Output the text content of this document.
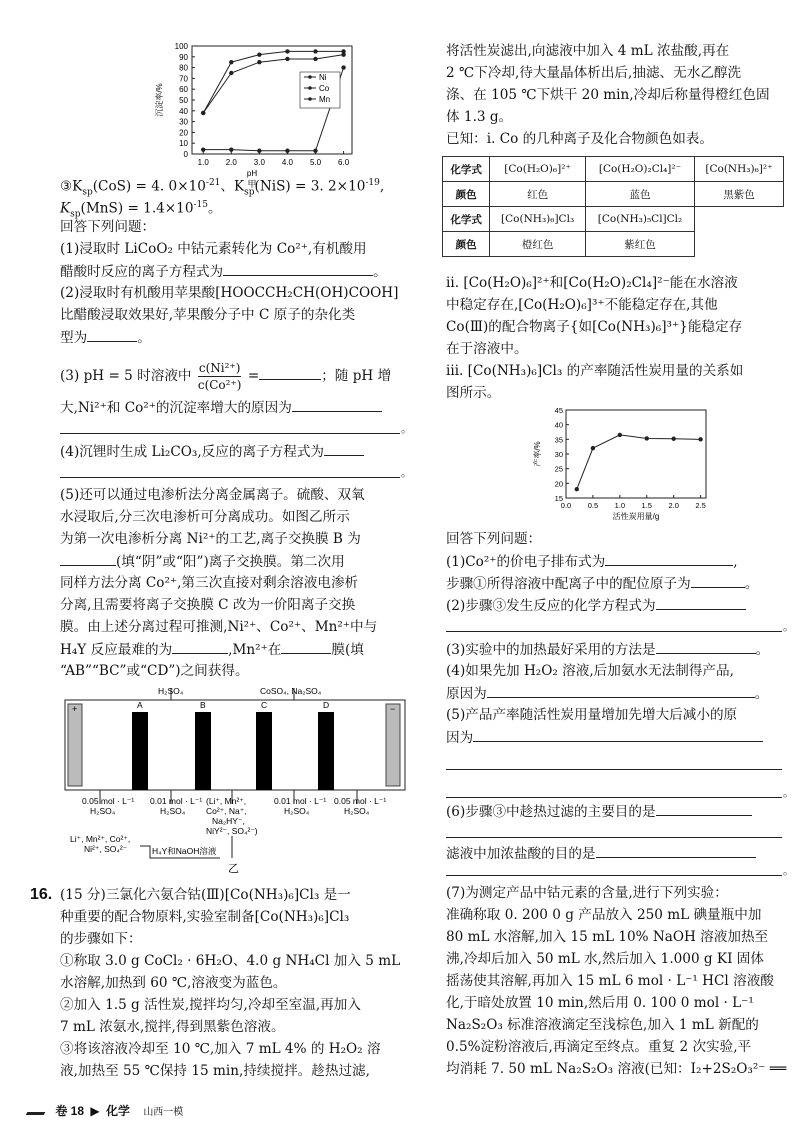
0
10
20
30
40
50
60
70
80
90
100
1.0 2.0 3.0 4.0 5.0 6.0
沉淀率/%
pH
甲
Ni
Co
Mn
$③K_{sp}(CoS) = 4$. $0\times 10^{-21}$、$K_{sp}(NiS) = 3$. $2\times 10^{-19}$,
$K_{sp}(MnS) = 1.4\times 10^{-15}$。
回答下列问题：
(1)浸取时 LiCoO₂ 中钴元素转化为 Co²⁺,有机酸用
醋酸时反应的离子方程式为	。
(2)浸取时有机酸用苹果酸[HOOCCH₂CH(OH)COOH]
比醋酸浸取效果好,苹果酸分子中 C 原子的杂化类
型为	。
(3) pH = 5 时溶液中 $\frac{\text{c(Ni²⁺)}}{\text{c(Co²⁺)}}$ =	；随 pH 增
大,Ni²⁺和 Co²⁺的沉淀率增大的原因为
。
(4)沉锂时生成 Li₂CO₃,反应的离子方程式为
。
(5)还可以通过电渗析法分离金属离子。硫酸、双氧
水浸取后,分三次电渗析可分离成功。如图乙所示
为第一次电渗析分离 Ni²⁺的工艺,离子交换膜 B 为
(填“阴”或“阳”)离子交换膜。第二次用
同样方法分离 Co²⁺,第三次直接对剩余溶液电渗析
分离,且需要将离子交换膜 C 改为一价阳离子交换
膜。由上述分离过程可推测,Ni²⁺、Co²⁺、Mn²⁺中与
H₄Y 反应最难的为	,Mn²⁺在	膜(填
“AB”“BC”或“CD”)之间获得。
+	−
A	B	C	D
H₂SO₄	CoSO₄, Na₂SO₄
0.05 mol · L⁻¹
H₂SO₄
0.01 mol · L⁻¹
H₂SO₄
(Li⁺, Mn²⁺,
Co²⁺, Na⁺,
Na₂HY⁻,
NiY²⁻, SO₄²⁻)
0.01 mol · L⁻¹
H₂SO₄
0.05 mol · L⁻¹
H₂SO₄
Li⁺, Mn²⁺, Co²⁺,
Ni²⁺, SO₄²⁻	H₄Y和NaOH溶液
乙
16. (15 分)三氯化六氨合钴(Ⅲ)[Co(NH₃)₆]Cl₃ 是一
种重要的配合物原料,实验室制备[Co(NH₃)₆]Cl₃
的步骤如下：
①称取 3.0 g CoCl₂ · 6H₂O、4.0 g NH₄Cl 加入 5 mL
水溶解,加热到 60 ℃,溶液变为蓝色。
②加入 1.5 g 活性炭,搅拌均匀,冷却至室温,再加入
7 mL 浓氨水,搅拌,得到黑紫色溶液。
③将该溶液冷却至 10 ℃,加入 7 mL 4% 的 H₂O₂ 溶
液,加热至 55 ℃保持 15 min,持续搅拌。趁热过滤,
将活性炭滤出,向滤液中加入 4 mL 浓盐酸,再在
2 ℃下冷却,待大量晶体析出后,抽滤、无水乙醇洗
涤、在 105 ℃下烘干 20 min,冷却后称量得橙红色固
体 1.3 g。
已知：ⅰ. Co 的几种离子及化合物颜色如表。
化学式	[Co(H₂O)₆]²⁺	[Co(H₂O)₂Cl₄]²⁻	[Co(NH₃)₆]²⁺
颜色	红色	蓝色	黑紫色
化学式	[Co(NH₃)₆]Cl₃	[Co(NH₃)₅Cl]Cl₂	
颜色	橙红色	紫红色	
ⅱ. [Co(H₂O)₆]²⁺和[Co(H₂O)₂Cl₄]²⁻能在水溶液
中稳定存在,[Co(H₂O)₆]³⁺不能稳定存在,其他
Co(Ⅲ)的配合物离子{如[Co(NH₃)₆]³⁺}能稳定存
在于溶液中。
ⅲ. [Co(NH₃)₆]Cl₃ 的产率随活性炭用量的关系如
图所示。
15
20
25
30
35
40
45
0.0 0.5 1.0 1.5 2.0 2.5
产率/%
活性炭用量/g
回答下列问题：
(1)Co²⁺的价电子排布式为	,
步骤①所得溶液中配离子中的配位原子为	。
(2)步骤③发生反应的化学方程式为
。
(3)实验中的加热最好采用的方法是	。
(4)如果先加 H₂O₂ 溶液,后加氨水无法制得产品,
原因为	。
(5)产品产率随活性炭用量增加先增大后减小的原
因为
。
(6)步骤③中趁热过滤的主要目的是
滤液中加浓盐酸的目的是
。
(7)为测定产品中钴元素的含量,进行下列实验：
准确称取 0. 200 0 g 产品放入 250 mL 碘量瓶中加
80 mL 水溶解,加入 15 mL 10% NaOH 溶液加热至
沸,冷却后加入 50 mL 水,然后加入 1.000 g KI 固体
摇荡使其溶解,再加入 15 mL 6 mol · L⁻¹ HCl 溶液酸
化,于暗处放置 10 min,然后用 0. 100 0 mol · L⁻¹
Na₂S₂O₃ 标准溶液滴定至浅棕色,加入 1 mL 新配的
0.5%淀粉溶液后,再滴定至终点。重复 2 次实验,平
均消耗 7. 50 mL Na₂S₂O₃ 溶液(已知：I₂+2S₂O₃²⁻ ══
卷 18 ▶ 化学 山西一模
